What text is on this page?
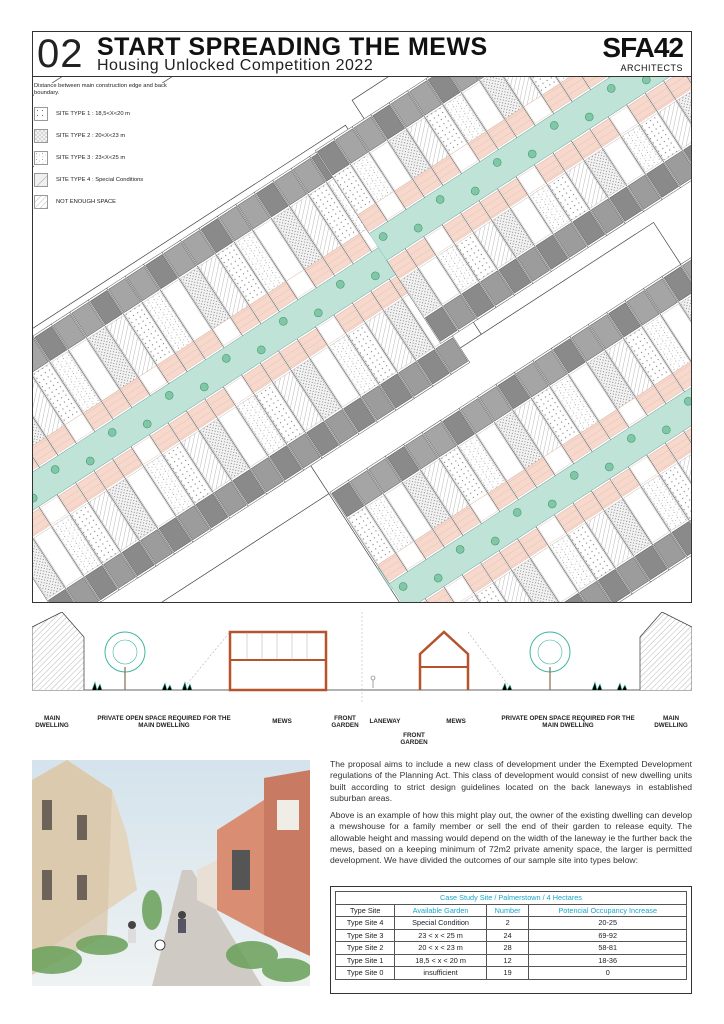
02 START SPREADING THE MEWS
Housing Unlocked Competition 2022
SFA42
ARCHITECTS
Distance between main construction edge and back boundary.
SITE TYPE 1 : 18,5<X<20 m
SITE TYPE 2 : 20<X<23 m
SITE TYPE 3 : 23<X<25 m
SITE TYPE 4 : Special Conditions
NOT ENOUGH SPACE
MAIN DWELLING
PRIVATE OPEN SPACE REQUIRED FOR THE MAIN DWELLING
MEWS	FRONT GARDEN
LANEWAY
FRONT GARDEN
MEWS	PRIVATE OPEN SPACE REQUIRED FOR THE MAIN DWELLING
MAIN DWELLING

The proposal aims to include a new class of development under the Exempted Development regulations of the Planning Act. This class of development would consist of new dwelling units built according to strict design guidelines located on the back laneways in established suburban areas.

Above is an example of how this might play out, the owner of the existing dwelling can develop a mewshouse for a family member or sell the end of their garden to release equity. The allowable height and massing would depend on the width of the laneway ie the further back the mews, based on a keeping minimum of 72m2 private amenity space, the larger is permitted development. We have divided the outcomes of our sample site into types below:

Case Study Site / Palmerstown / 4 Hectares			
Type Site	Available Garden	Number	Potencial Occupancy Increase
Type Site 4	Special Condition	2	20-25
Type Site 3	23 < x < 25 m	24	69-92
Type Site 2	20 < x < 23 m	28	58-81
Type Site 1	18,5 < x < 20 m	12	18-36
Type Site 0	insufficient	19	0
